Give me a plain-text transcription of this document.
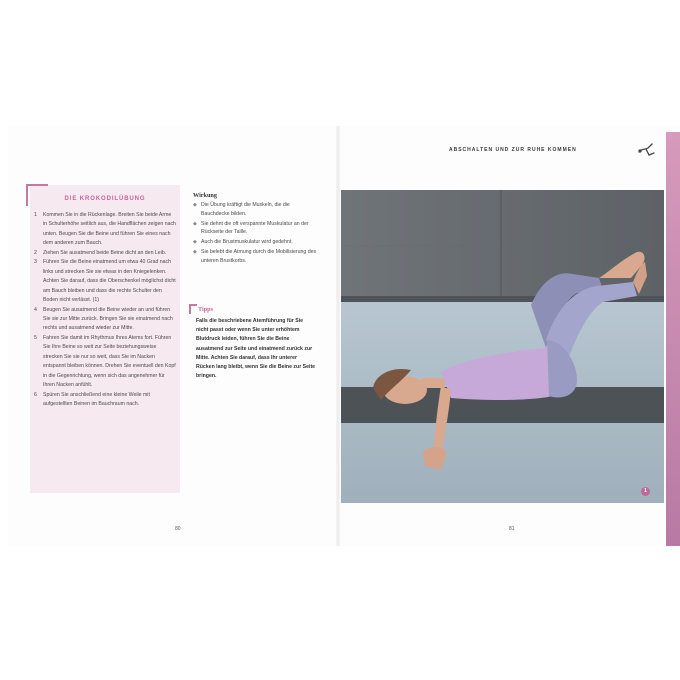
DIE KROKODILÜBUNG
1	Kommen Sie in die Rückenlage. Breiten Sie beide Arme in Schulterhöhe seitlich aus, die Handflächen zeigen nach unten. Beugen Sie die Beine und führen Sie eines nach dem anderen zum Bauch.
2	Ziehen Sie ausatmend beide Beine dicht an den Leib.
3	Führen Sie die Beine einatmend um etwa 40 Grad nach links und strecken Sie sie etwas in den Kniegelenken. Achten Sie darauf, dass die Oberschenkel möglichst dicht am Bauch bleiben und dass die rechte Schulter den Boden nicht verlässt. (1)
4	Beugen Sie ausatmend die Beine wieder an und führen Sie sie zur Mitte zurück. Bringen Sie sie einatmend nach rechts und ausatmend wieder zur Mitte.
5	Fahren Sie damit im Rhythmus Ihres Atems fort. Führen Sie Ihre Beine so weit zur Seite beziehungsweise strecken Sie sie nur so weit, dass Sie im Nacken entspannt bleiben können. Drehen Sie eventuell den Kopf in die Gegenrichtung, wenn sich das angenehmer für Ihren Nacken anfühlt.
6	Spüren Sie anschließend eine kleine Weile mit aufgestellten Beinen im Bauchraum nach.
Wirkung
◆ Die Übung kräftigt die Muskeln, die die Bauchdecke bilden.
◆ Sie dehnt die oft verspannte Muskulatur an der Rückseite der Taille.
◆ Auch die Brustmuskulatur wird gedehnt.
◆ Sie belebt die Atmung durch die Mobilisierung des unteren Brustkorbs.
Tipps
Falls die beschriebene Atemführung für Sie nicht passt oder wenn Sie unter erhöhtem Blutdruck leiden, führen Sie die Beine ausatmend zur Seite und einatmend zurück zur Mitte. Achten Sie darauf, dass Ihr unterer Rücken lang bleibt, wenn Sie die Beine zur Seite bringen.
80
ABSCHALTEN UND ZUR RUHE KOMMEN
1
81
